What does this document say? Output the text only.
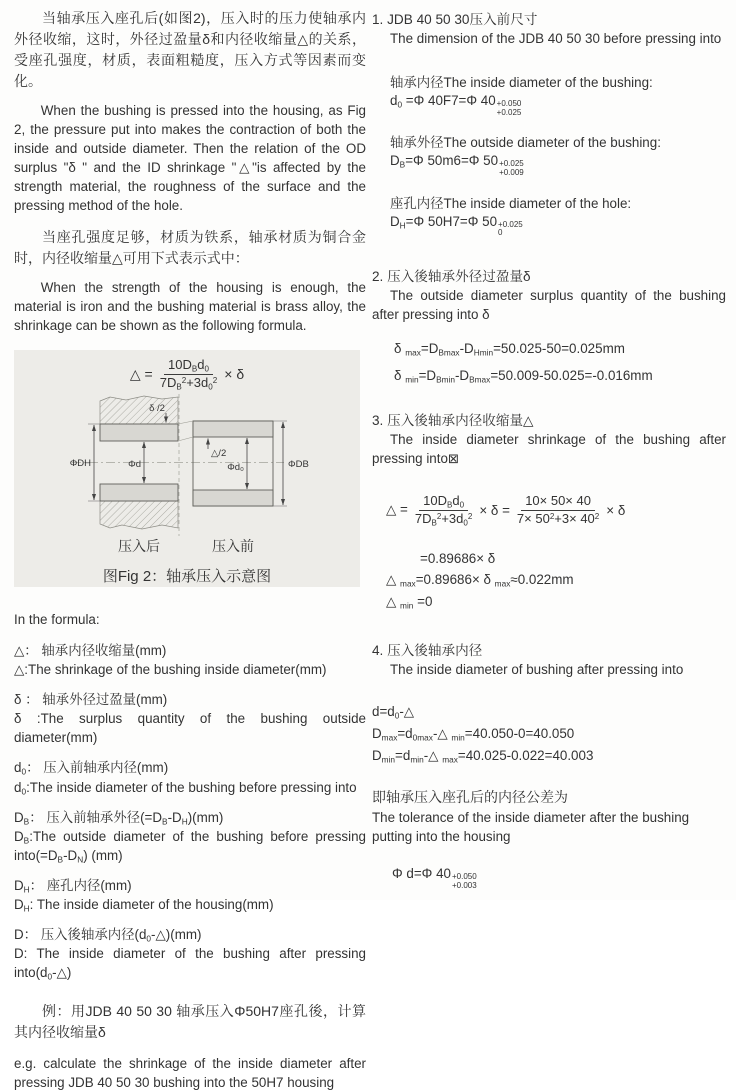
当轴承压入座孔后(如图2)，压入时的压力使轴承内外径收缩，这时，外径过盈量δ和内径收缩量△的关系，受座孔强度，材质，表面粗糙度，压入方式等因素而变化。

When the bushing is pressed into the housing, as Fig 2, the pressure put into makes the contraction of both the inside and outside diameter. Then the relation of the OD surplus "δ " and the ID shrinkage "△"is affected by the strength material, the roughness of the surface and the pressing method of the hole.

当座孔强度足够，材质为铁系，轴承材质为铜合金时，内径收缩量△可用下式表示式中：

When the strength of the housing is enough, the material is iron and the bushing material is brass alloy, the shrinkage can be shown as the following formula.

△ = $\frac{10D_Bd_0}{7D_B^2+3d_0^2} \times \delta$
δ /2
ΦDH	Φd
△/2
Φd₀	ΦDB
压入后	压入前
图Fig 2：轴承压入示意图

In the formula:

△： 轴承内径收缩量(mm)
△:The shrinkage of the bushing inside diameter(mm)
δ ： 轴承外径过盈量(mm)
δ :The surplus quantity of the bushing outside diameter(mm)
$d_0$： 压入前轴承内径(mm)
$d_0:The$ inside diameter of the bushing before pressing into
$D_B$： 压入前轴承外径$(=D_B-D_H)(mm)$
$D_B:The$ outside diameter of the bushing before pressing $into(=D_B-D_N)$ (mm)
$D_H$： 座孔内径(mm)
$D_H$: The inside diameter of the housing(mm)
D： 压入後轴承内径$(d_0-\triangle)(mm)$
D: The inside diameter of the bushing after pressing $into(d_0-\triangle)$

例：用JDB 40 50 30 轴承压入Φ50H7座孔後，计算其内径收缩量δ

e.g. calculate the shrinkage of the inside diameter after pressing JDB 40 50 30 bushing into the 50H7 housing

1. JDB 40 50 30压入前尺寸
The dimension of the JDB 40 50 30 before pressing into
轴承内径The inside diameter of the bushing:
$d_0 =\Phi$ 40F7=Φ 40 +0.050
+0.025
轴承外径The outside diameter of the bushing:
$D_B=\Phi$ 50m6=Φ 50 +0.025
+0.009
座孔内径The inside diameter of the hole:
$D_H=\Phi$ 50H7=Φ 50 +0.025
0
2. 压入後轴承外径过盈量δ
The outside diameter surplus quantity of the bushing after pressing into δ
δ $_{max}=D_{Bmax}-D_{Hmin}=50.025-50=0.025mm$
δ $_{min}=D_{Bmin}-D_{Bmax}=50.009-50.025=-0.016mm$
3. 压入後轴承内径收缩量△
The inside diameter shrinkage of the bushing after pressing into⊠
△ = $\frac{10D_Bd_0}{7D_B^2+3d_0^2} \times \delta = \frac{10\times 50\times 40}{7\times 50^2+3\times 40^2} \times \delta$
=0.89686× δ
△ $_{max}$=0.89686× δ $_{max}$≈0.022mm
△ $_{min}$ =0
4. 压入後轴承内径
The inside diameter of bushing after pressing into
$d=d_0-\triangle$
$D_{max}=d_{0max}-\triangle$ $_{min}$=40.050-0=40.050
$D_{min}=d_{min}-\triangle$ $_{max}$=40.025-0.022=40.003
即轴承压入座孔后的内径公差为
The tolerance of the inside diameter after the bushing putting into the housing
Φ d=Φ 40 +0.050
+0.003
